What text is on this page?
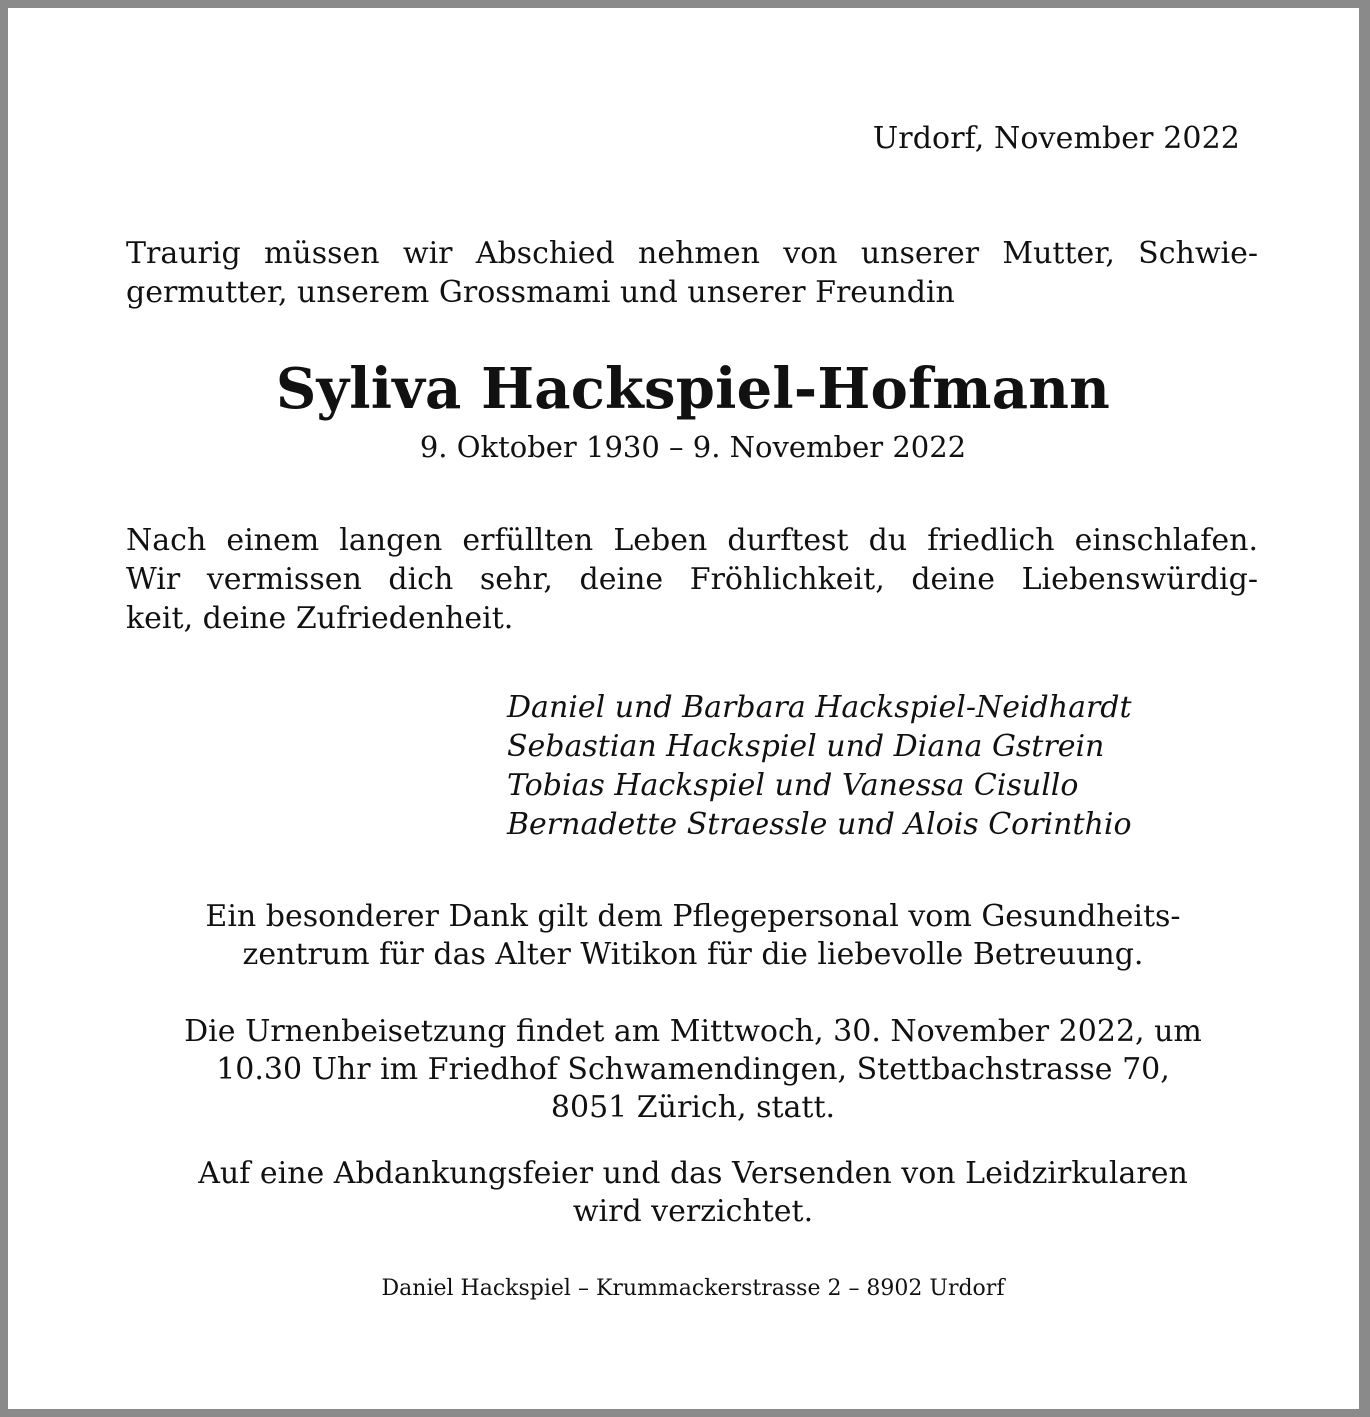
Urdorf, November 2022

Traurig müssen wir Abschied nehmen von unserer Mutter, Schwie-
germutter, unserem Grossmami und unserer Freundin

Syliva Hackspiel-Hofmann
9. Oktober 1930 – 9. November 2022

Nach einem langen erfüllten Leben durftest du friedlich einschlafen.
Wir vermissen dich sehr, deine Fröhlichkeit, deine Liebenswürdig-
keit, deine Zufriedenheit.

Daniel und Barbara Hackspiel-Neidhardt
Sebastian Hackspiel und Diana Gstrein
Tobias Hackspiel und Vanessa Cisullo
Bernadette Straessle und Alois Corinthio

Ein besonderer Dank gilt dem Pflegepersonal vom Gesundheits-
zentrum für das Alter Witikon für die liebevolle Betreuung.

Die Urnenbeisetzung findet am Mittwoch, 30. November 2022, um
10.30 Uhr im Friedhof Schwamendingen, Stettbachstrasse 70,
8051 Zürich, statt.

Auf eine Abdankungsfeier und das Versenden von Leidzirkularen
wird verzichtet.

Daniel Hackspiel – Krummackerstrasse 2 – 8902 Urdorf
